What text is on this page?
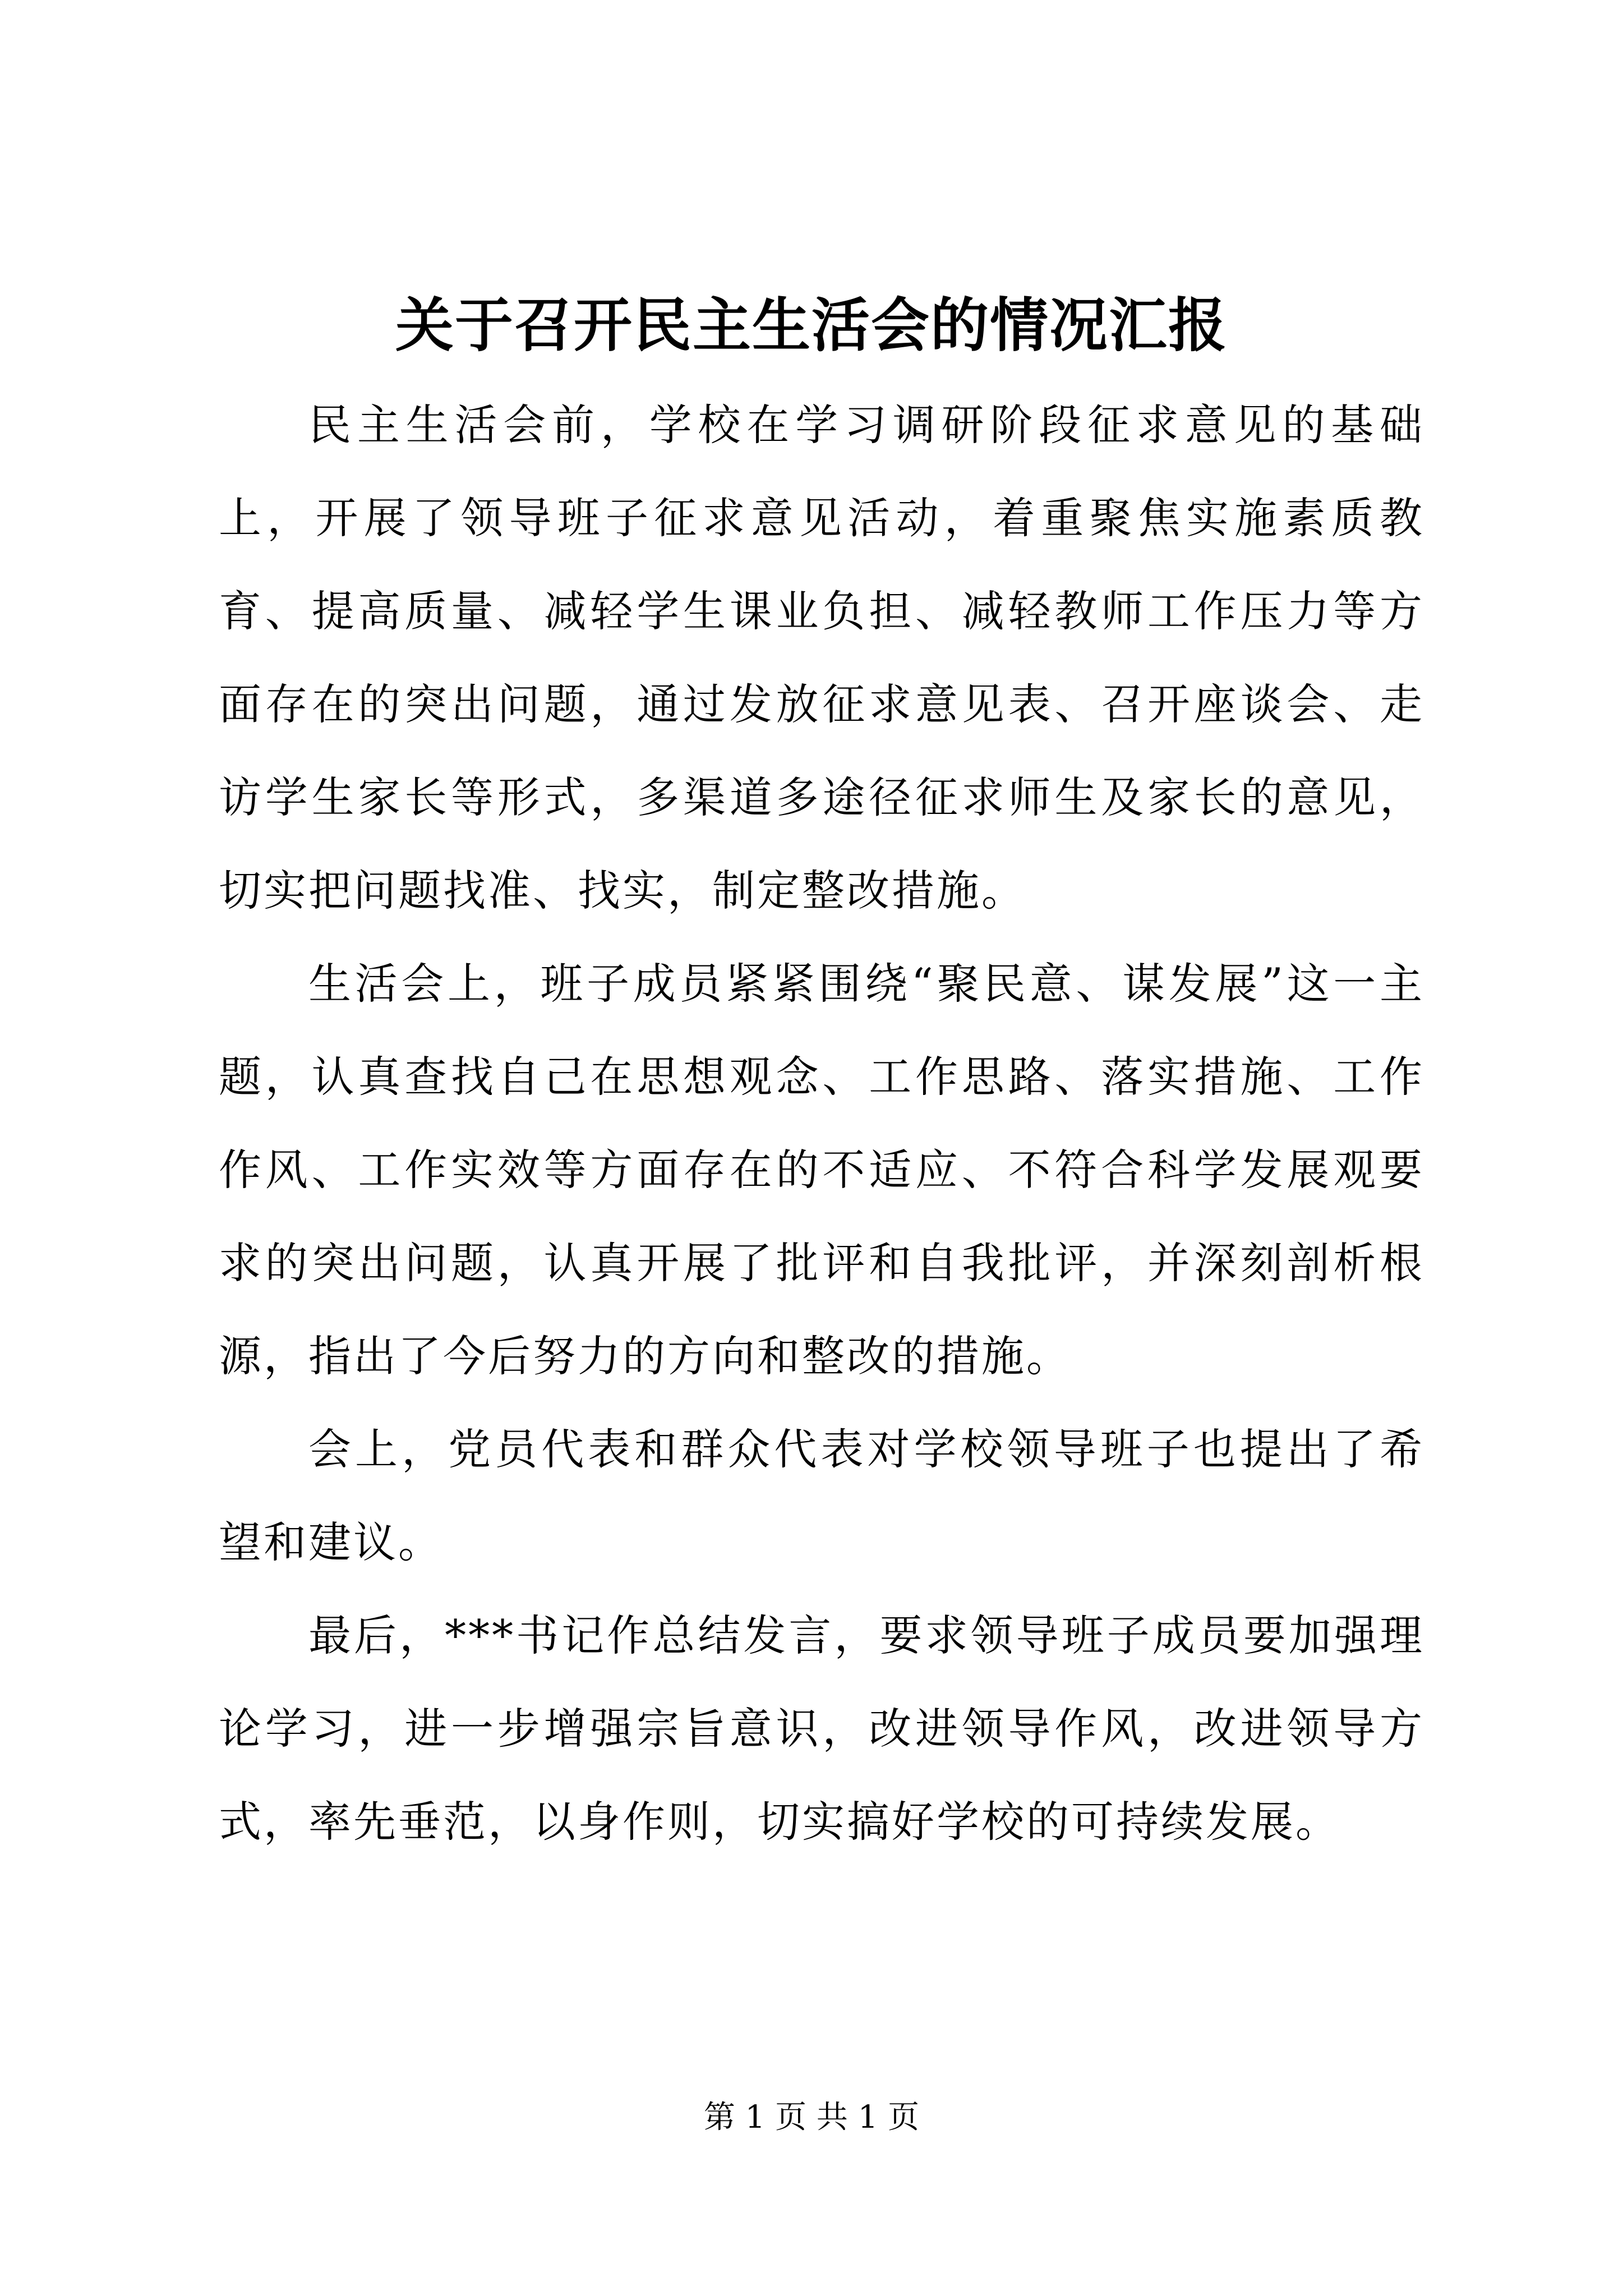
关于召开民主生活会的情况汇报

民主生活会前，学校在学习调研阶段征求意见的基础上，开展了领导班子征求意见活动，着重聚焦实施素质教育、提高质量、减轻学生课业负担、减轻教师工作压力等方面存在的突出问题，通过发放征求意见表、召开座谈会、走访学生家长等形式，多渠道多途径征求师生及家长的意见，切实把问题找准、找实，制定整改措施。

生活会上，班子成员紧紧围绕“聚民意、谋发展”这一主题，认真查找自己在思想观念、工作思路、落实措施、工作作风、工作实效等方面存在的不适应、不符合科学发展观要求的突出问题，认真开展了批评和自我批评，并深刻剖析根源，指出了今后努力的方向和整改的措施。

会上，党员代表和群众代表对学校领导班子也提出了希望和建议。

最后，***书记作总结发言，要求领导班子成员要加强理论学习，进一步增强宗旨意识，改进领导作风，改进领导方式，率先垂范，以身作则，切实搞好学校的可持续发展。

第 1 页 共 1 页
